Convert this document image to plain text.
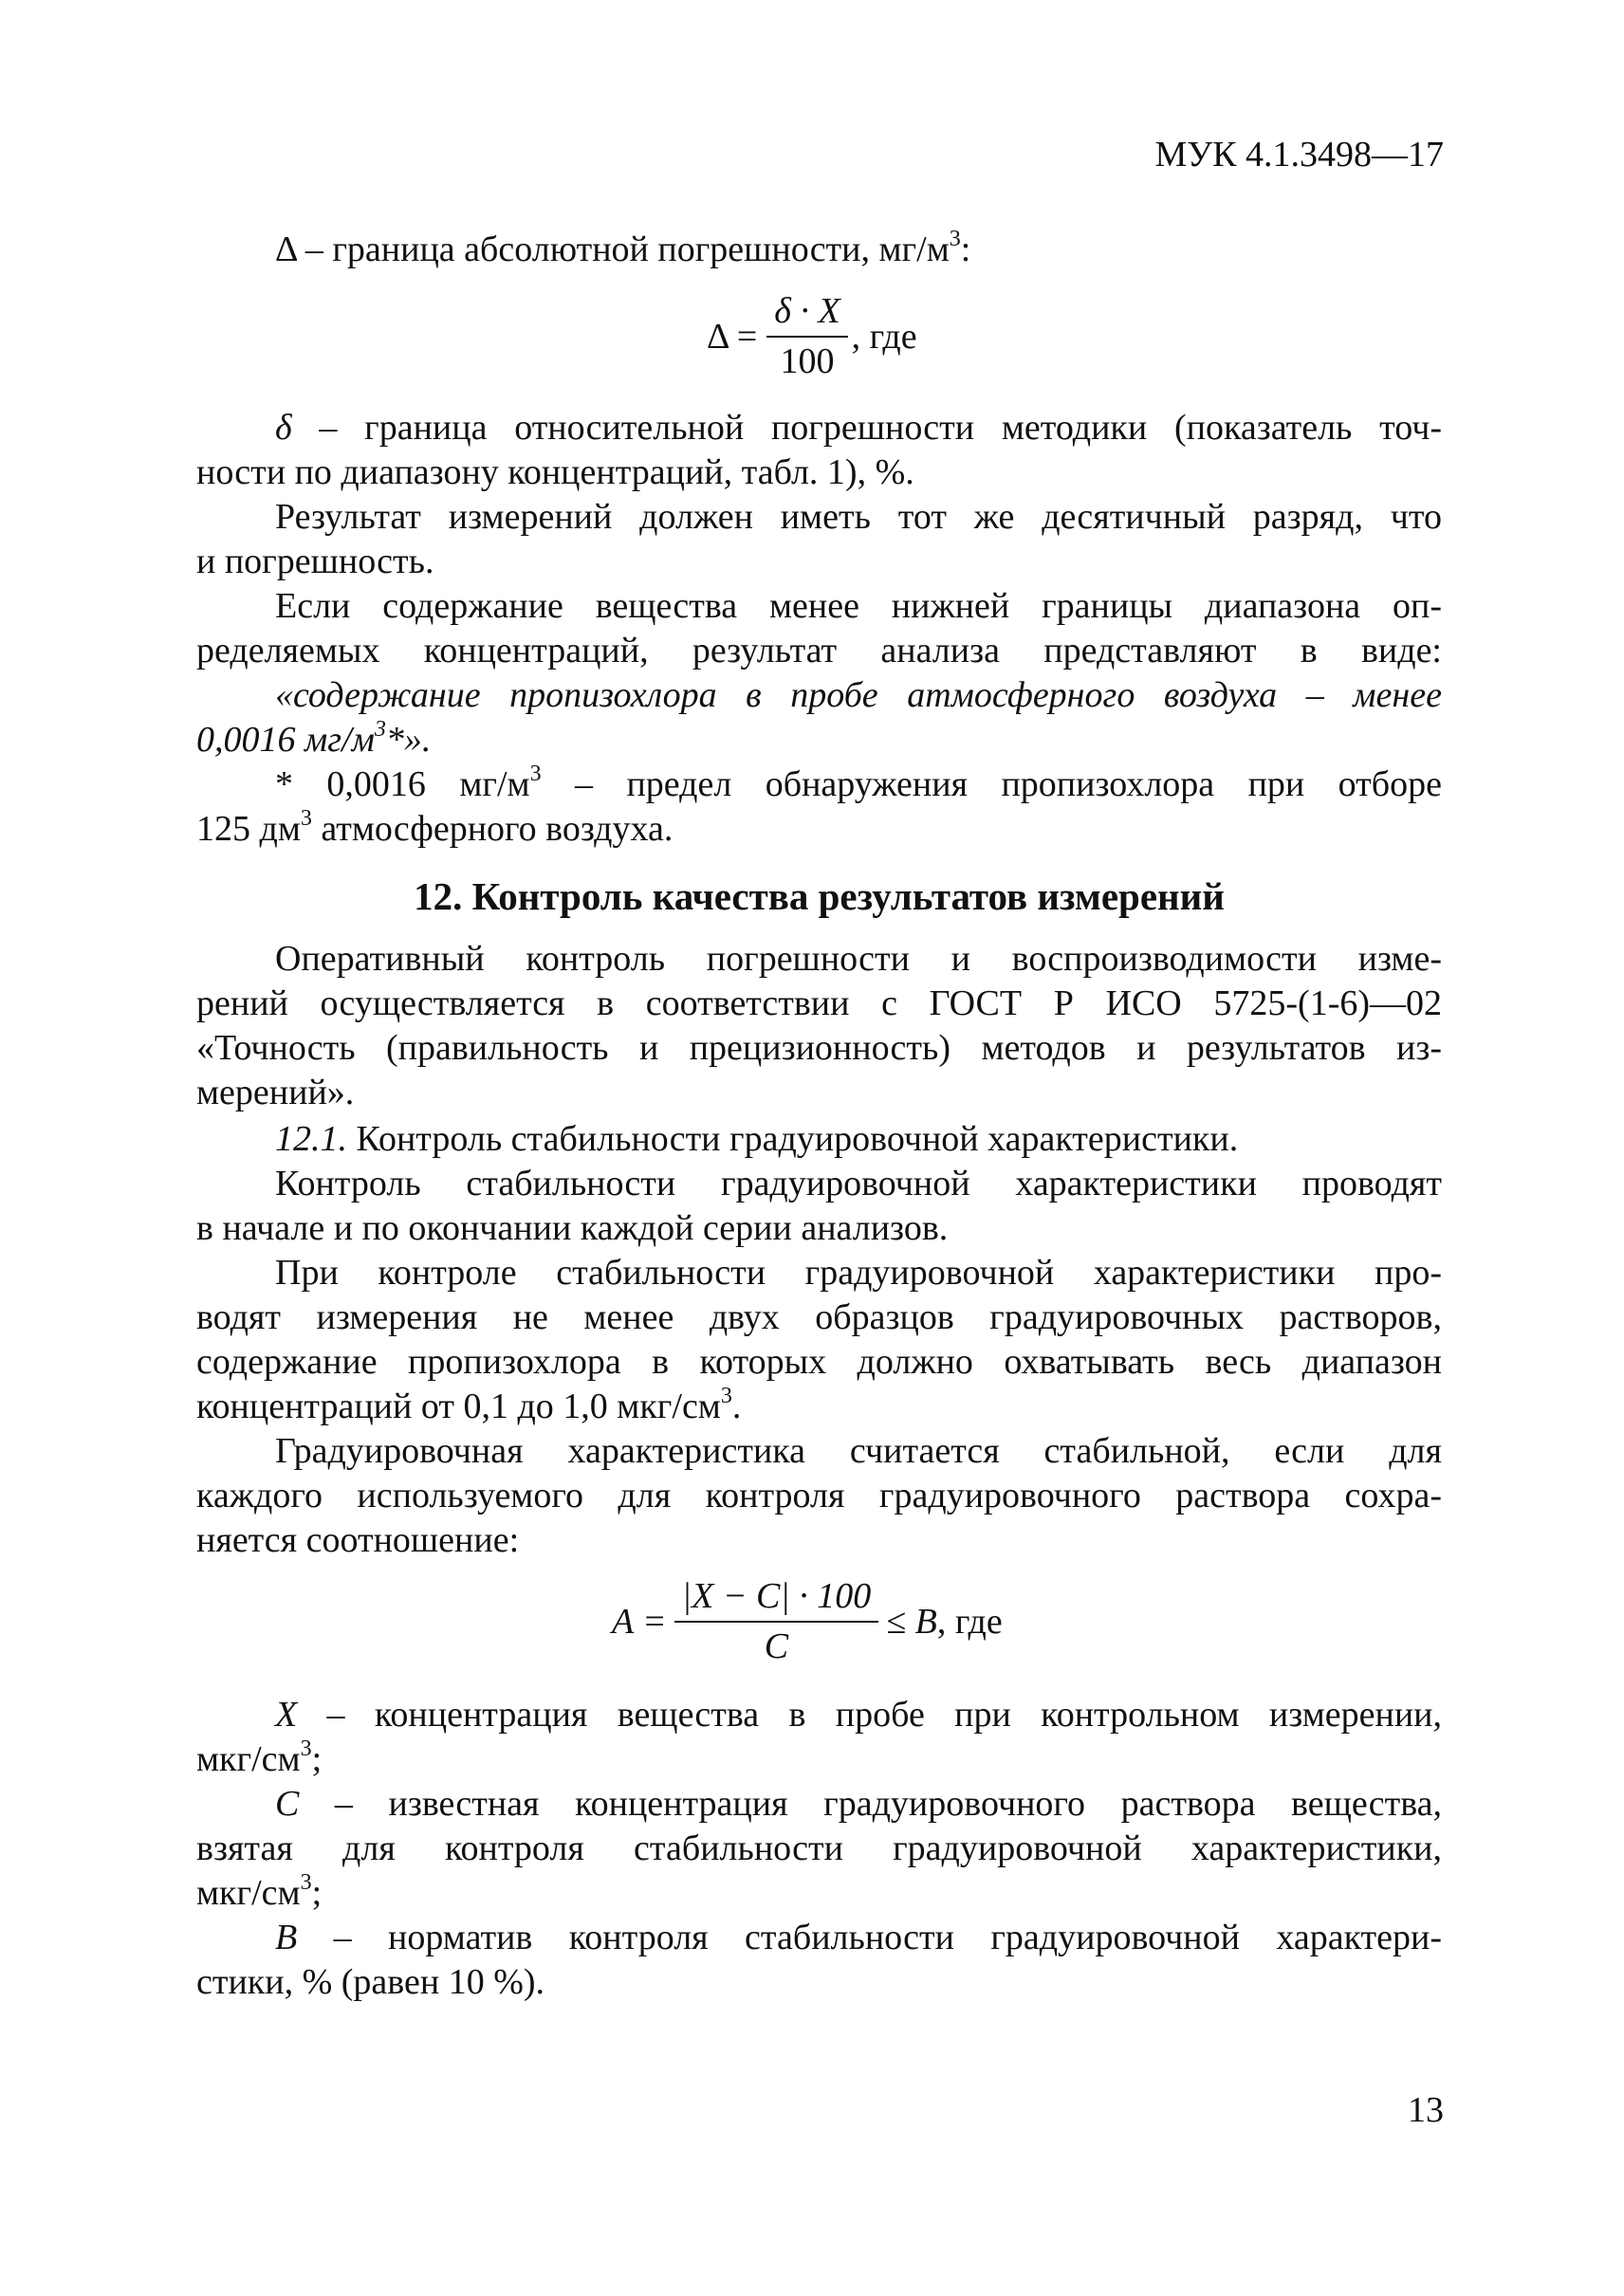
МУК 4.1.3498—17
Δ – граница абсолютной погрешности, $мг/м^3$:
$\Delta = \frac{\delta \cdot X}{100}$ , где
δ – граница относительной погрешности методики (показатель точ-
ности по диапазону концентраций, табл. 1), %.
Результат измерений должен иметь тот же десятичный разряд, что
и погрешность.
Если содержание вещества менее нижней границы диапазона оп-
ределяемых концентраций, результат анализа представляют в виде:
«содержание пропизохлора в пробе атмосферного воздуха – менее
0,0016 $мг/м^3*$».
* 0,0016 $мг/м^3$ – предел обнаружения пропизохлора при отборе
125 $дм^3$ атмосферного воздуха.
12. Контроль качества результатов измерений
Оперативный контроль погрешности и воспроизводимости изме-
рений осуществляется в соответствии с ГОСТ Р ИСО 5725-(1-6)—02
«Точность (правильность и прецизионность) методов и результатов из-
мерений».
12.1. Контроль стабильности градуировочной характеристики.
Контроль стабильности градуировочной характеристики проводят
в начале и по окончании каждой серии анализов.
При контроле стабильности градуировочной характеристики про-
водят измерения не менее двух образцов градуировочных растворов,
содержание пропизохлора в которых должно охватывать весь диапазон
концентраций от 0,1 до 1,0 мкг/$см^3$.
Градуировочная характеристика считается стабильной, если для
каждого используемого для контроля градуировочного раствора сохра-
няется соотношение:
$A = \frac{|X - C| \cdot 100}{C} \le B$ , где
X – концентрация вещества в пробе при контрольном измерении,
мкг/$см^3$;
C – известная концентрация градуировочного раствора вещества,
взятая для контроля стабильности градуировочной характеристики,
мкг/$см^3$;
B – норматив контроля стабильности градуировочной характери-
стики, % (равен 10 %).
13
